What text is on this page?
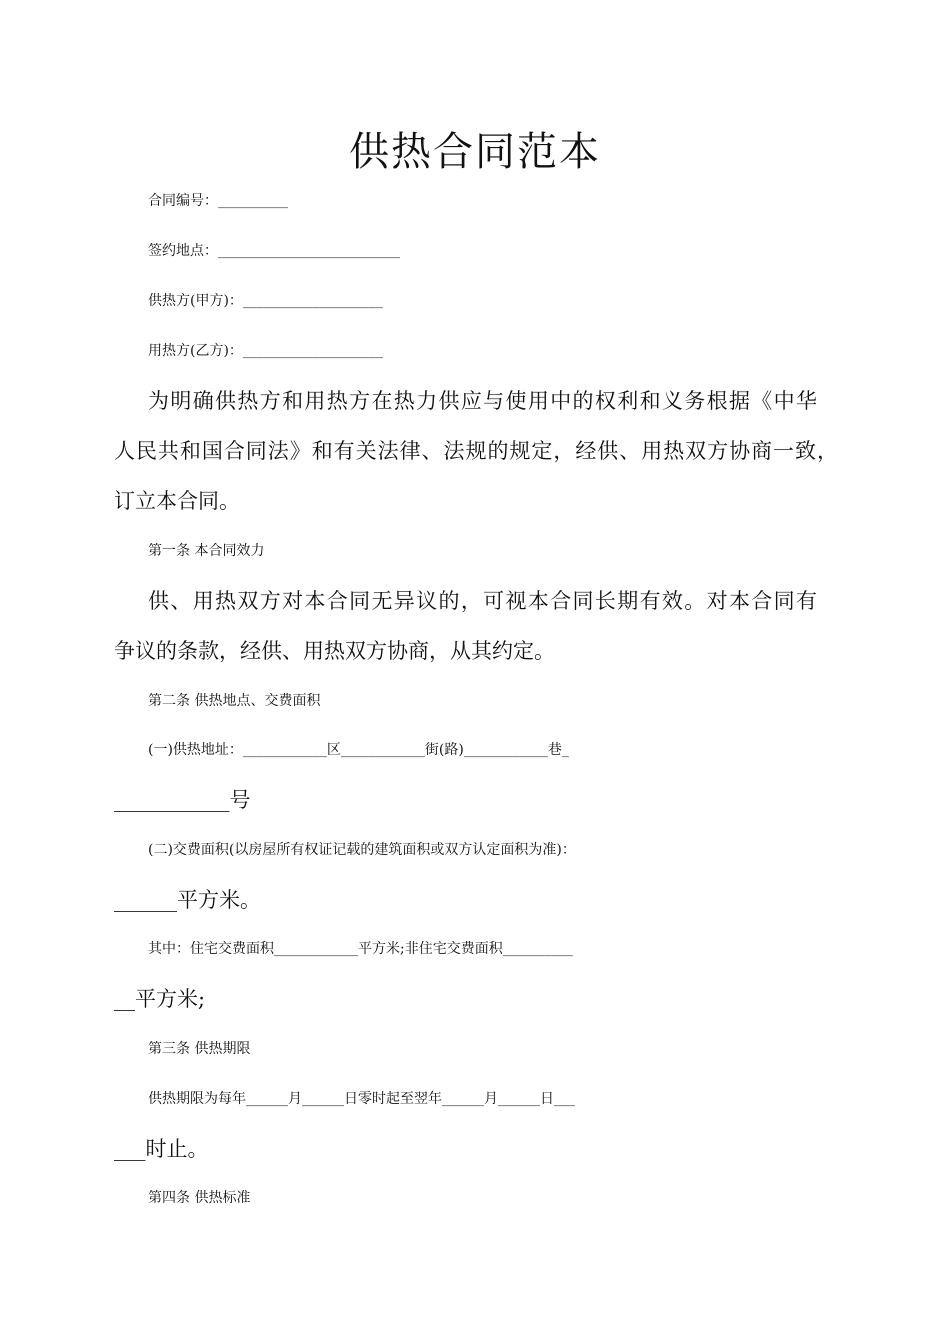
供热合同范本
合同编号：__________
签约地点：__________________________
供热方(甲方)：____________________
用热方(乙方)：____________________
为明确供热方和用热方在热力供应与使用中的权利和义务根据《中华
人民共和国合同法》和有关法律、法规的规定，经供、用热双方协商一致，
订立本合同。
第一条 本合同效力
供、用热双方对本合同无异议的，可视本合同长期有效。对本合同有
争议的条款，经供、用热双方协商，从其约定。
第二条 供热地点、交费面积
(一)供热地址：____________区____________街(路)____________巷_
___________号
(二)交费面积(以房屋所有权证记载的建筑面积或双方认定面积为准)：
______平方米。
其中：住宅交费面积____________平方米;非住宅交费面积__________
__平方米;
第三条 供热期限
供热期限为每年______月______日零时起至翌年______月______日___
___时止。
第四条 供热标准
